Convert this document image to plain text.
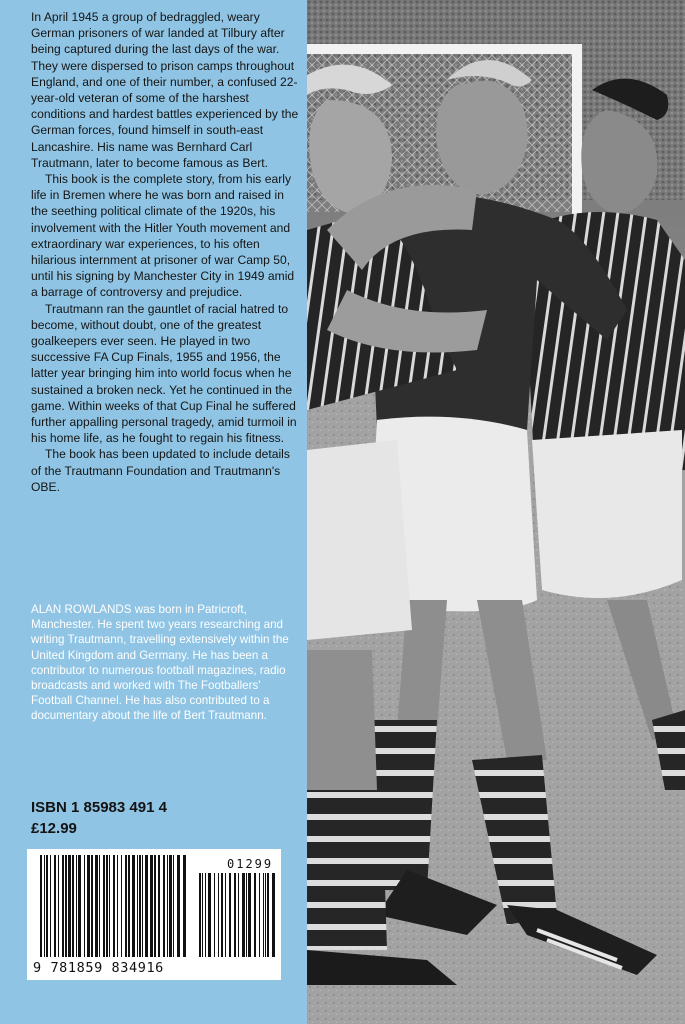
In April 1945 a group of bedraggled, weary German prisoners of war landed at Tilbury after being captured during the last days of the war. They were dispersed to prison camps throughout England, and one of their number, a confused 22-year-old veteran of some of the harshest conditions and hardest battles experienced by the German forces, found himself in south-east Lancashire. His name was Bernhard Carl Trautmann, later to become famous as Bert.

This book is the complete story, from his early life in Bremen where he was born and raised in the seething political climate of the 1920s, his involvement with the Hitler Youth movement and extraordinary war experiences, to his often hilarious internment at prisoner of war Camp 50, until his signing by Manchester City in 1949 amid a barrage of controversy and prejudice.

Trautmann ran the gauntlet of racial hatred to become, without doubt, one of the greatest goalkeepers ever seen. He played in two successive FA Cup Finals, 1955 and 1956, the latter year bringing him into world focus when he sustained a broken neck. Yet he continued in the game. Within weeks of that Cup Final he suffered further appalling personal tragedy, amid turmoil in his home life, as he fought to regain his fitness.

The book has been updated to include details of the Trautmann Foundation and Trautmann's OBE.

ALAN ROWLANDS was born in Patricroft, Manchester. He spent two years researching and writing Trautmann, travelling extensively within the United Kingdom and Germany. He has been a contributor to numerous football magazines, radio broadcasts and worked with The Footballers' Football Channel. He has also contributed to a documentary about the life of Bert Trautmann.

ISBN 1 85983 491 4

£12.99

01299
9 781859 834916
